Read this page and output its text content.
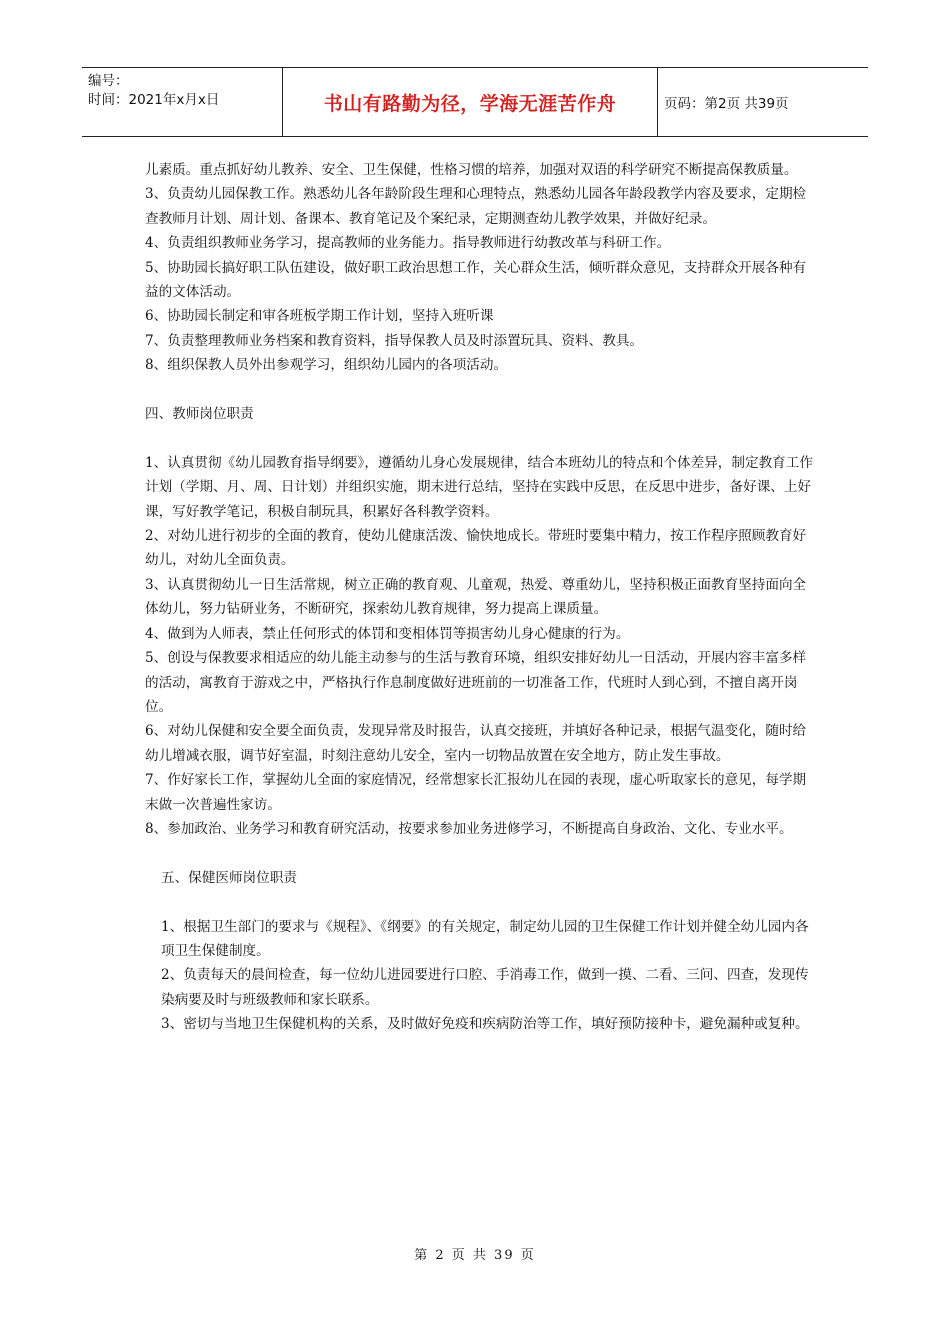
编号：
时间：2021年x月x日	书山有路勤为径，学海无涯苦作舟	页码：第2页 共39页

儿素质。重点抓好幼儿教养、安全、卫生保健，性格习惯的培养，加强对双语的科学研究不断提高保教质量。

3、负责幼儿园保教工作。熟悉幼儿各年龄阶段生理和心理特点，熟悉幼儿园各年龄段教学内容及要求，定期检查教师月计划、周计划、备课本、教育笔记及个案纪录，定期测查幼儿教学效果，并做好纪录。

4、负责组织教师业务学习，提高教师的业务能力。指导教师进行幼教改革与科研工作。

5、协助园长搞好职工队伍建设，做好职工政治思想工作，关心群众生活，倾听群众意见，支持群众开展各种有益的文体活动。

6、协助园长制定和审各班板学期工作计划，坚持入班听课

7、负责整理教师业务档案和教育资料，指导保教人员及时添置玩具、资料、教具。

8、组织保教人员外出参观学习，组织幼儿园内的各项活动。

四、教师岗位职责

1、认真贯彻《幼儿园教育指导纲要》，遵循幼儿身心发展规律，结合本班幼儿的特点和个体差异，制定教育工作计划（学期、月、周、日计划）并组织实施，期末进行总结，坚持在实践中反思，在反思中进步，备好课、上好课，写好教学笔记，积极自制玩具，积累好各科教学资料。

2、对幼儿进行初步的全面的教育，使幼儿健康活泼、愉快地成长。带班时要集中精力，按工作程序照顾教育好幼儿，对幼儿全面负责。

3、认真贯彻幼儿一日生活常规，树立正确的教育观、儿童观，热爱、尊重幼儿，坚持积极正面教育坚持面向全体幼儿，努力钻研业务，不断研究，探索幼儿教育规律，努力提高上课质量。

4、做到为人师表，禁止任何形式的体罚和变相体罚等损害幼儿身心健康的行为。

5、创设与保教要求相适应的幼儿能主动参与的生活与教育环境，组织安排好幼儿一日活动，开展内容丰富多样的活动，寓教育于游戏之中，严格执行作息制度做好进班前的一切准备工作，代班时人到心到，不擅自离开岗位。

6、对幼儿保健和安全要全面负责，发现异常及时报告，认真交接班，并填好各种记录，根据气温变化，随时给幼儿增减衣服，调节好室温，时刻注意幼儿安全，室内一切物品放置在安全地方，防止发生事故。

7、作好家长工作，掌握幼儿全面的家庭情况，经常想家长汇报幼儿在园的表现，虚心听取家长的意见，每学期末做一次普遍性家访。

8、参加政治、业务学习和教育研究活动，按要求参加业务进修学习，不断提高自身政治、文化、专业水平。

五、保健医师岗位职责

1、根据卫生部门的要求与《规程》、《纲要》的有关规定，制定幼儿园的卫生保健工作计划并健全幼儿园内各项卫生保健制度。

2、负责每天的晨间检查，每一位幼儿进园要进行口腔、手消毒工作，做到一摸、二看、三问、四查，发现传染病要及时与班级教师和家长联系。

3、密切与当地卫生保健机构的关系，及时做好免疫和疾病防治等工作，填好预防接种卡，避免漏种或复种。

第 2 页 共 39 页
